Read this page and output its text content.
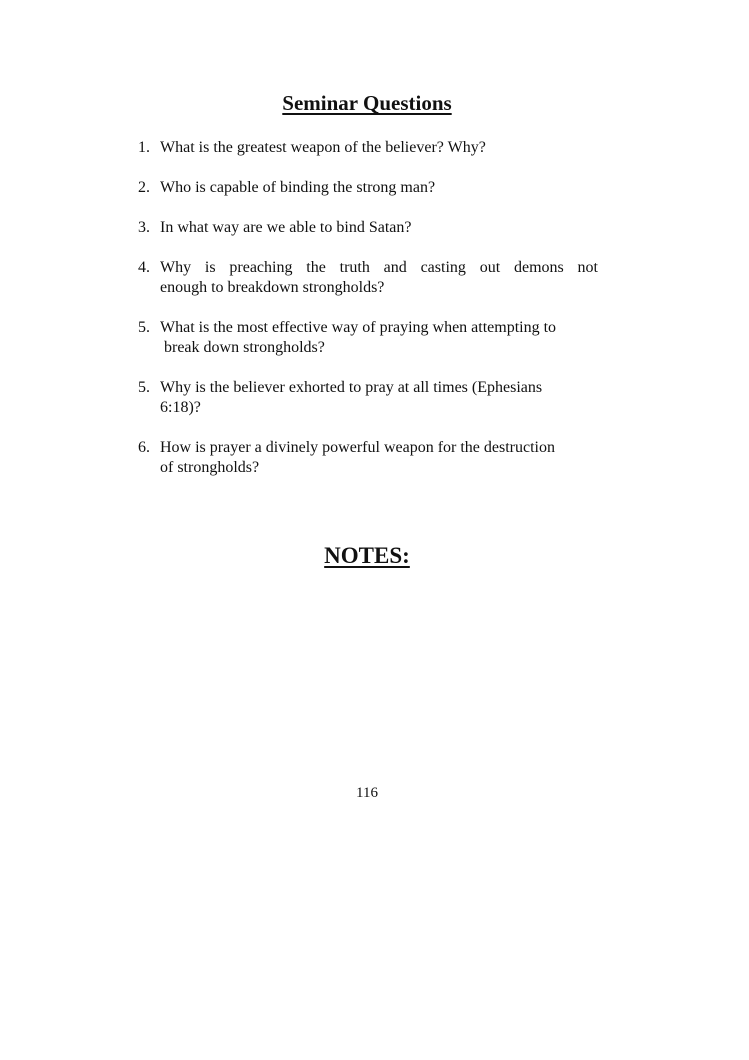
Seminar Questions
1. What is the greatest weapon of the believer? Why?
2. Who is capable of binding the strong man?
3. In what way are we able to bind Satan?
4. Why is preaching the truth and casting out demons not
enough to breakdown strongholds?
5. What is the most effective way of praying when attempting to
break down strongholds?
5. Why is the believer exhorted to pray at all times (Ephesians
6:18)?
6. How is prayer a divinely powerful weapon for the destruction
of strongholds?
NOTES:
116
